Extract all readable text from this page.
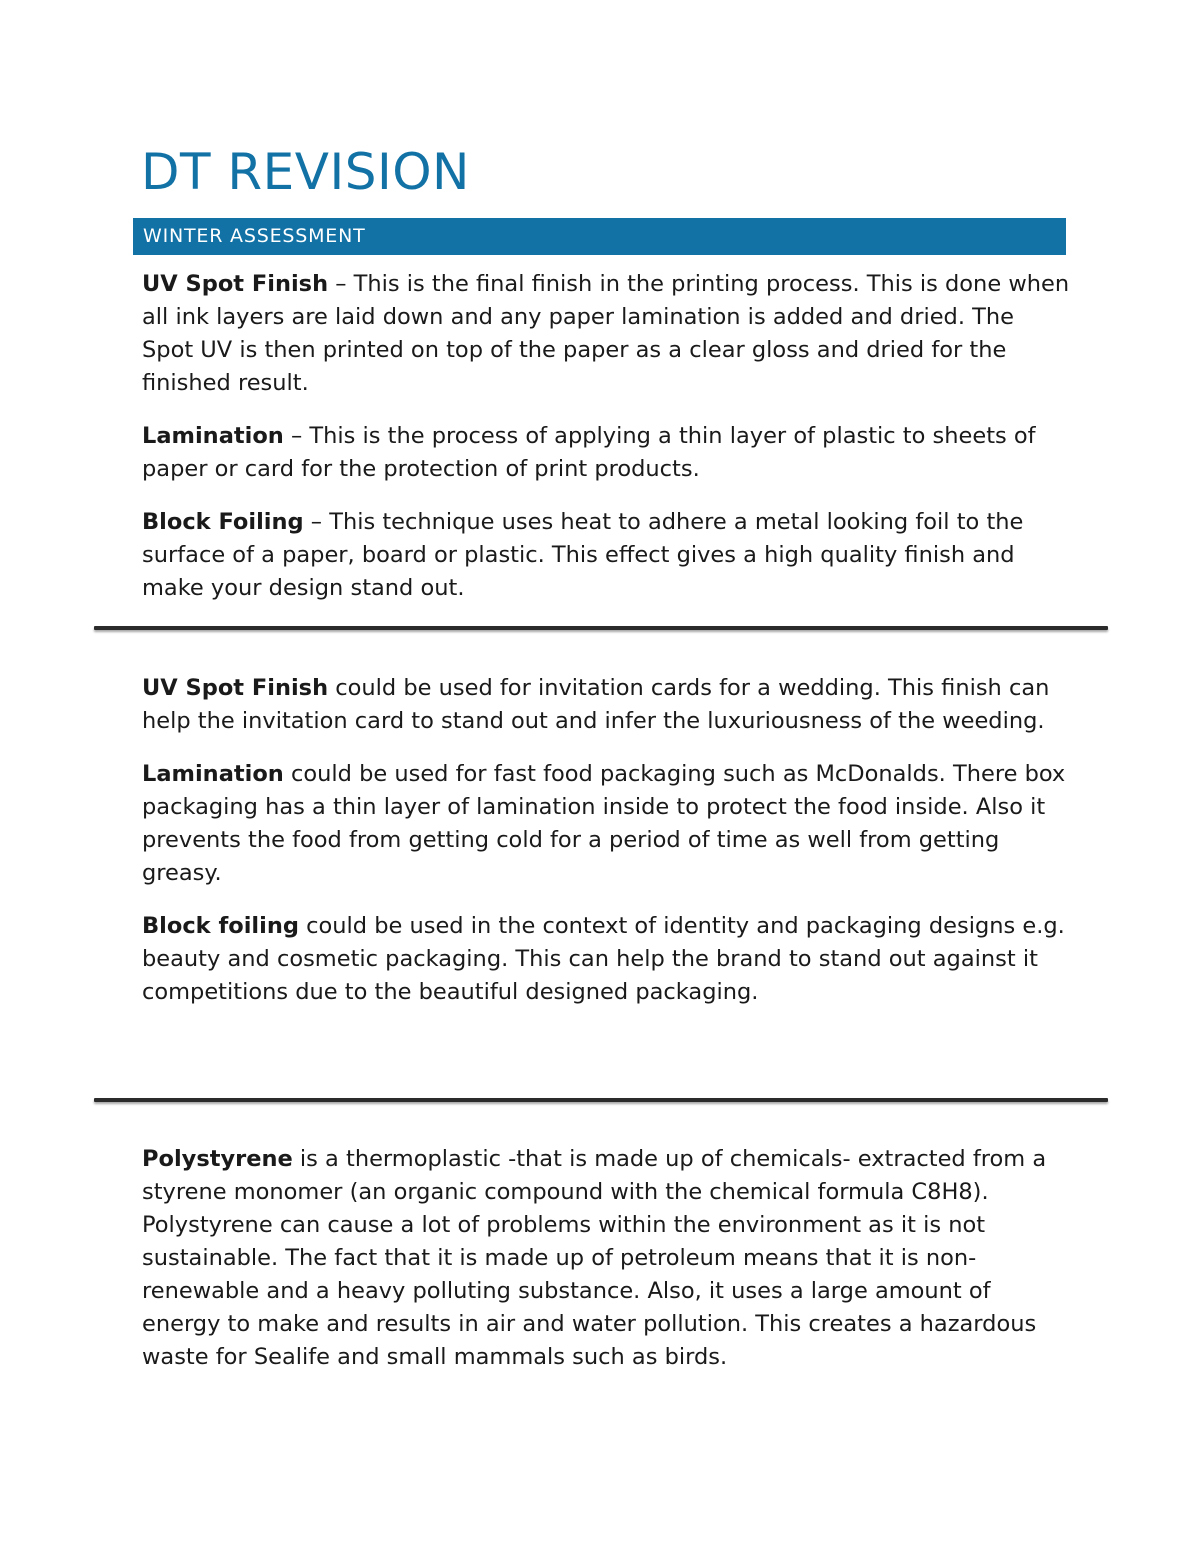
DT REVISION
WINTER ASSESSMENT

UV Spot Finish – This is the final finish in the printing process. This is done when all ink layers are laid down and any paper lamination is added and dried. The Spot UV is then printed on top of the paper as a clear gloss and dried for the finished result.

Lamination – This is the process of applying a thin layer of plastic to sheets of paper or card for the protection of print products.

Block Foiling – This technique uses heat to adhere a metal looking foil to the surface of a paper, board or plastic. This effect gives a high quality finish and make your design stand out.

UV Spot Finish could be used for invitation cards for a wedding. This finish can help the invitation card to stand out and infer the luxuriousness of the weeding.

Lamination could be used for fast food packaging such as McDonalds. There box packaging has a thin layer of lamination inside to protect the food inside. Also it prevents the food from getting cold for a period of time as well from getting greasy.

Block foiling could be used in the context of identity and packaging designs e.g. beauty and cosmetic packaging. This can help the brand to stand out against it competitions due to the beautiful designed packaging.

Polystyrene is a thermoplastic -that is made up of chemicals- extracted from a styrene monomer (an organic compound with the chemical formula C8H8). Polystyrene can cause a lot of problems within the environment as it is not sustainable. The fact that it is made up of petroleum means that it is non-renewable and a heavy polluting substance. Also, it uses a large amount of energy to make and results in air and water pollution. This creates a hazardous waste for Sealife and small mammals such as birds.
